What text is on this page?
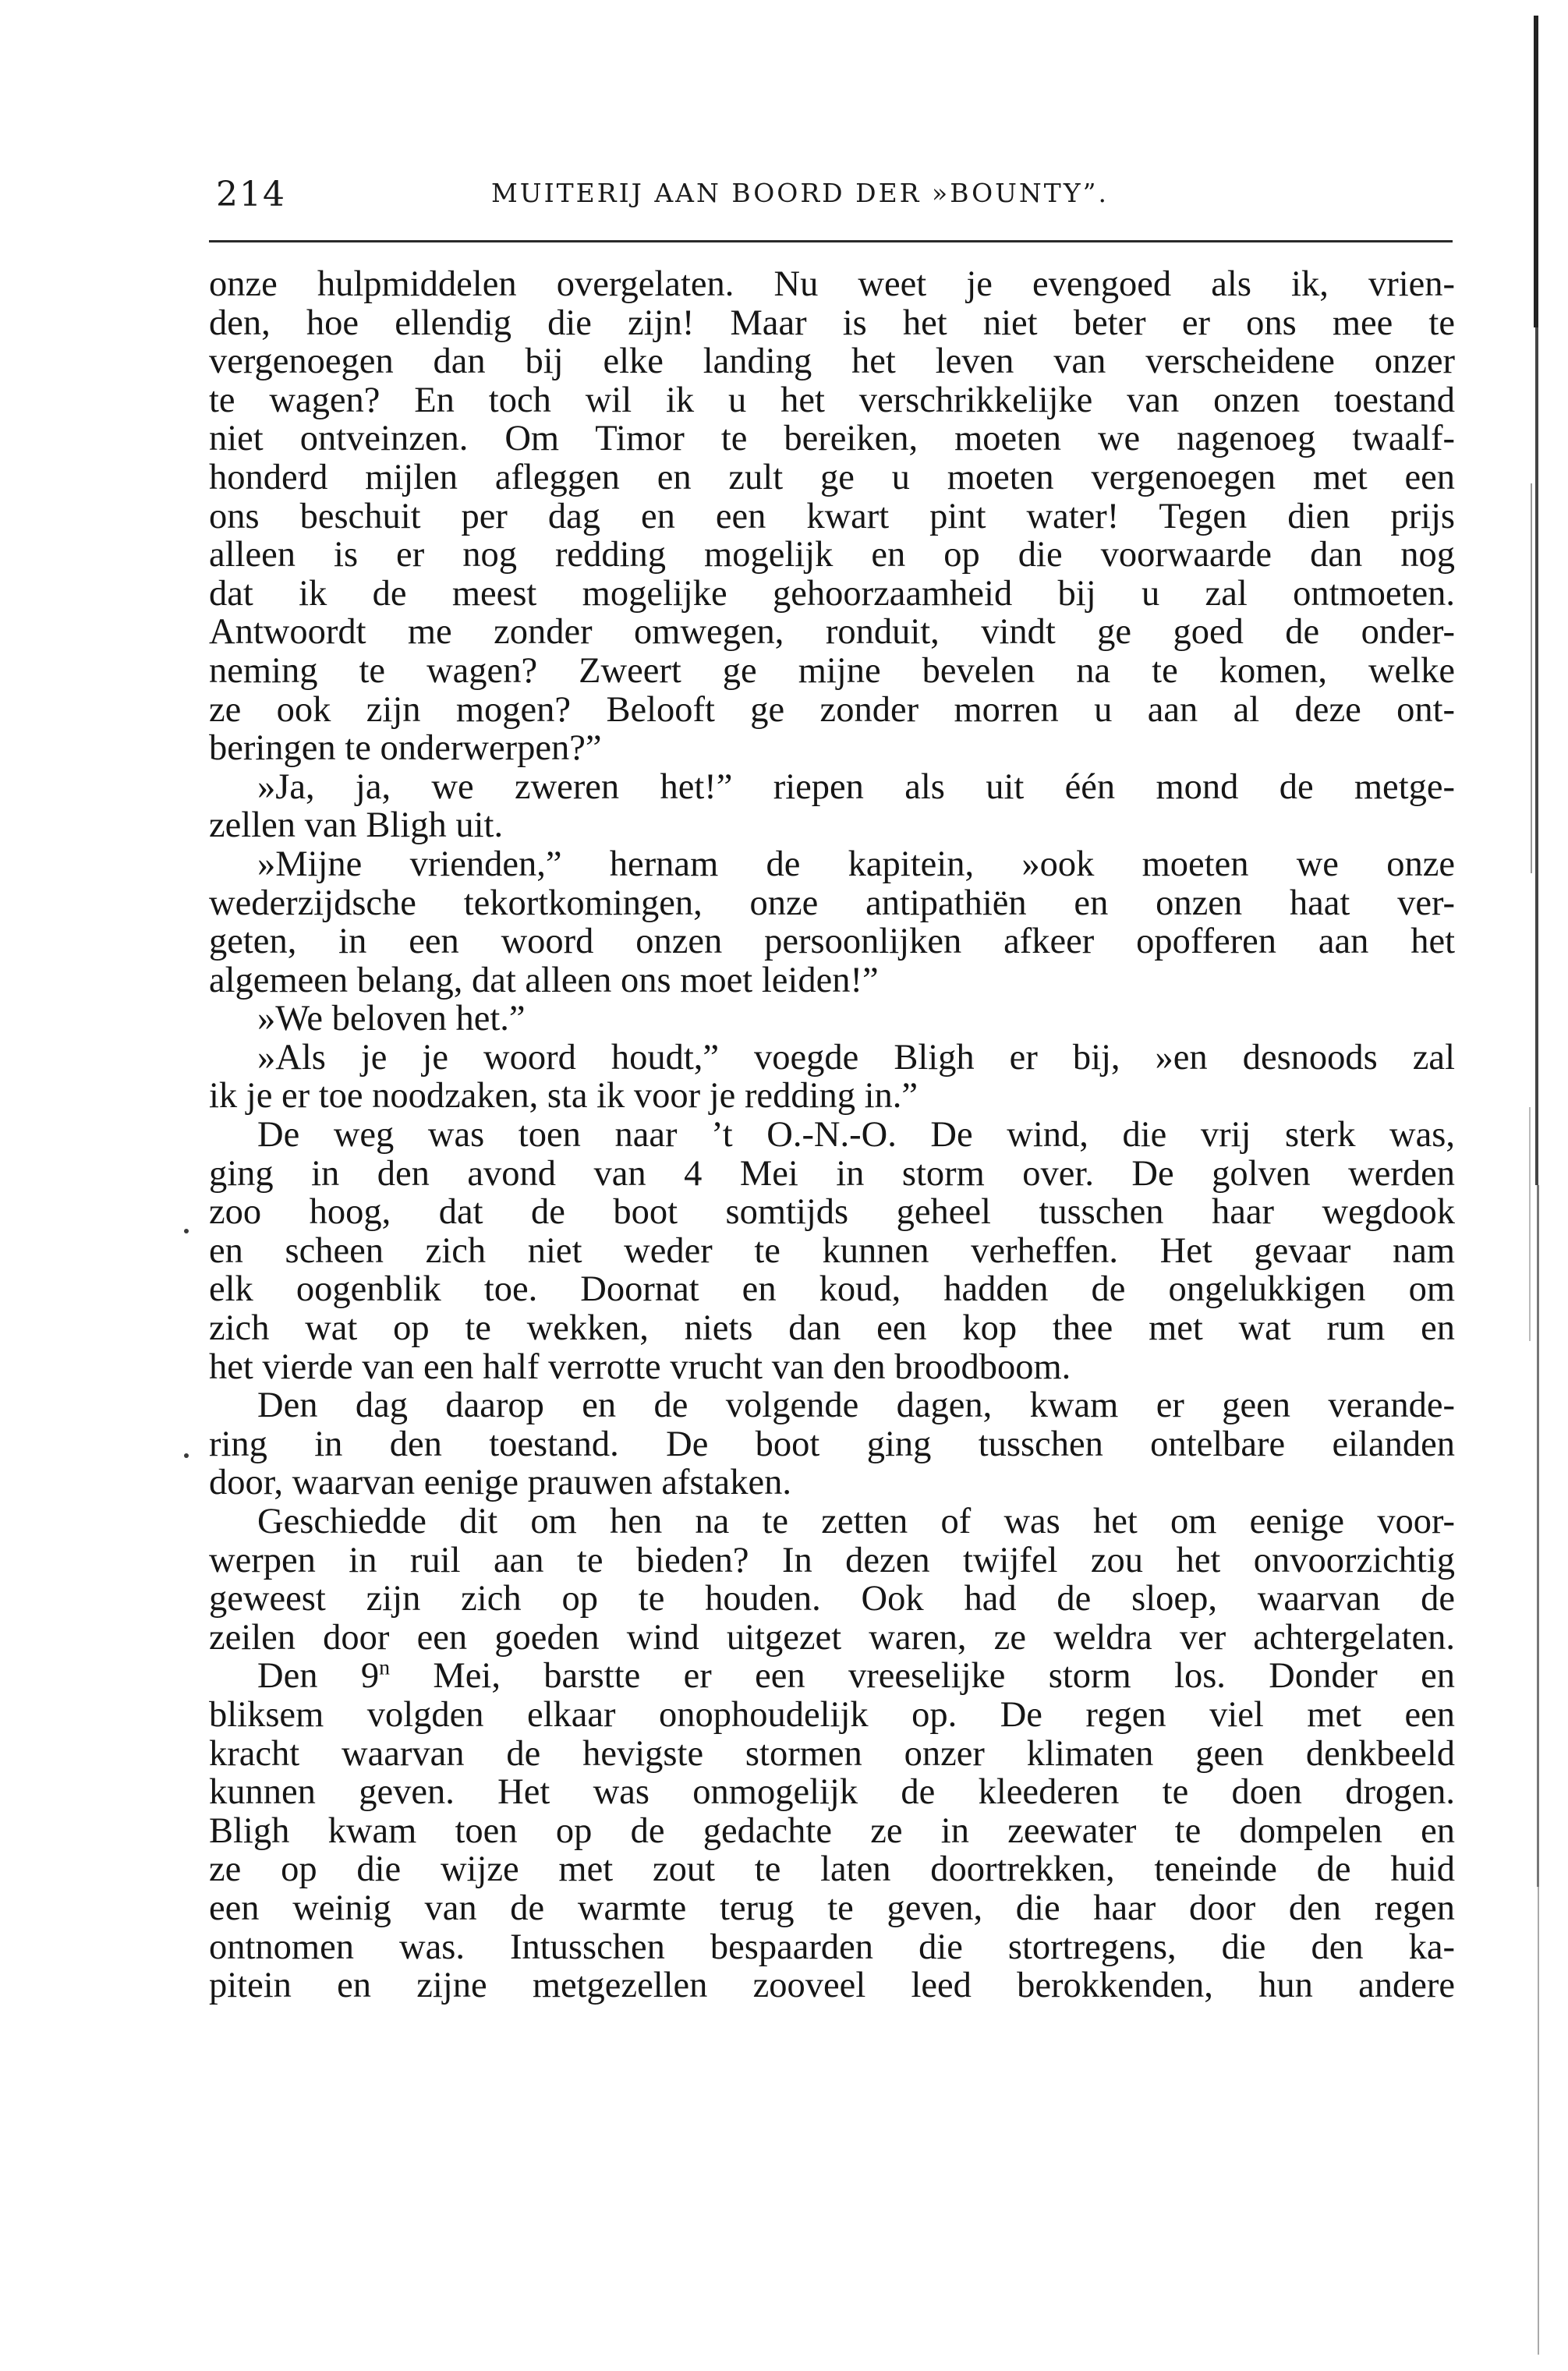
214	MUITERIJ AAN BOORD DER »BOUNTY”.
onze hulpmiddelen overgelaten. Nu weet je evengoed als ik, vrien-
den, hoe ellendig die zijn! Maar is het niet beter er ons mee te
vergenoegen dan bij elke landing het leven van verscheidene onzer
te wagen? En toch wil ik u het verschrikkelijke van onzen toestand
niet ontveinzen. Om Timor te bereiken, moeten we nagenoeg twaalf-
honderd mijlen afleggen en zult ge u moeten vergenoegen met een
ons beschuit per dag en een kwart pint water! Tegen dien prijs
alleen is er nog redding mogelijk en op die voorwaarde dan nog
dat ik de meest mogelijke gehoorzaamheid bij u zal ontmoeten.
Antwoordt me zonder omwegen, ronduit, vindt ge goed de onder-
neming te wagen? Zweert ge mijne bevelen na te komen, welke
ze ook zijn mogen? Belooft ge zonder morren u aan al deze ont-
beringen te onderwerpen?”
»Ja, ja, we zweren het!” riepen als uit één mond de metge-
zellen van Bligh uit.
»Mijne vrienden,” hernam de kapitein, »ook moeten we onze
wederzijdsche tekortkomingen, onze antipathiën en onzen haat ver-
geten, in een woord onzen persoonlijken afkeer opofferen aan het
algemeen belang, dat alleen ons moet leiden!”
»We beloven het.”
»Als je je woord houdt,” voegde Bligh er bij, »en desnoods zal
ik je er toe noodzaken, sta ik voor je redding in.”
De weg was toen naar ’t O.-N.-O. De wind, die vrij sterk was,
ging in den avond van 4 Mei in storm over. De golven werden
zoo hoog, dat de boot somtijds geheel tusschen haar wegdook
en scheen zich niet weder te kunnen verheffen. Het gevaar nam
elk oogenblik toe. Doornat en koud, hadden de ongelukkigen om
zich wat op te wekken, niets dan een kop thee met wat rum en
het vierde van een half verrotte vrucht van den broodboom.
Den dag daarop en de volgende dagen, kwam er geen verande-
ring in den toestand. De boot ging tusschen ontelbare eilanden
door, waarvan eenige prauwen afstaken.
Geschiedde dit om hen na te zetten of was het om eenige voor-
werpen in ruil aan te bieden? In dezen twijfel zou het onvoorzichtig
geweest zijn zich op te houden. Ook had de sloep, waarvan de
zeilen door een goeden wind uitgezet waren, ze weldra ver achtergelaten.
Den 9$^n$ Mei, barstte er een vreeselijke storm los. Donder en
bliksem volgden elkaar onophoudelijk op. De regen viel met een
kracht waarvan de hevigste stormen onzer klimaten geen denkbeeld
kunnen geven. Het was onmogelijk de kleederen te doen drogen.
Bligh kwam toen op de gedachte ze in zeewater te dompelen en
ze op die wijze met zout te laten doortrekken, teneinde de huid
een weinig van de warmte terug te geven, die haar door den regen
ontnomen was. Intusschen bespaarden die stortregens, die den ka-
pitein en zijne metgezellen zooveel leed berokkenden, hun andere
